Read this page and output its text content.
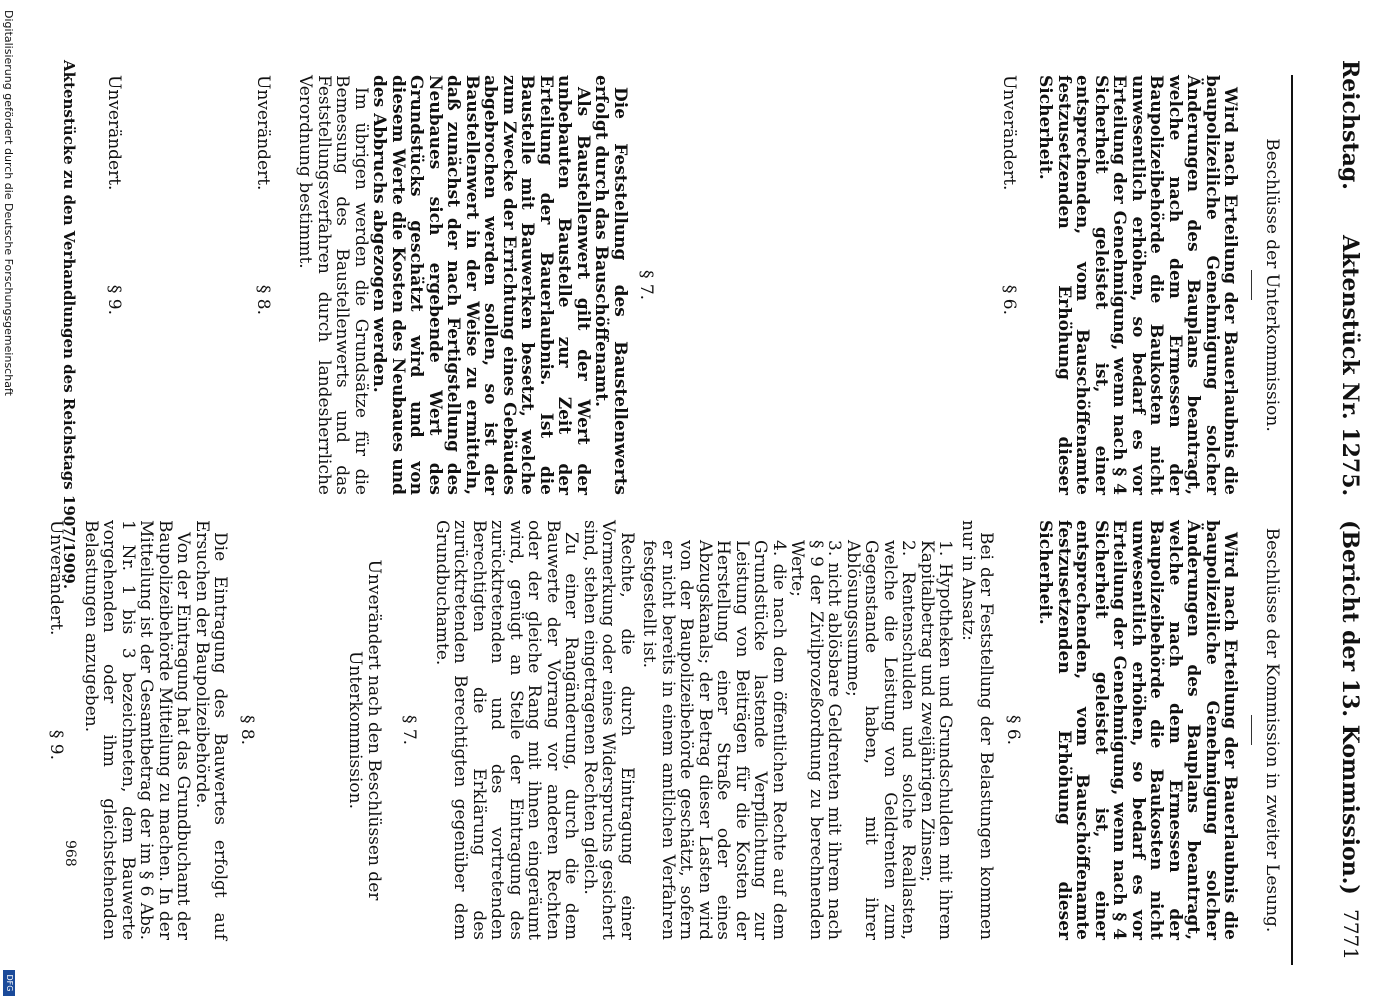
Reichstag.
Aktenstück Nr. 1275.
(Bericht der 13. Kommission.)
7771
Beschlüsse der Unterkommission.

Wird nach Erteilung der Bauerlaubnis die baupolizeiliche Genehmigung solcher Änderungen des Bauplans beantragt, welche nach dem Ermessen der Baupolizeibehörde die Baukosten nicht unwesentlich erhöhen, so bedarf es vor Erteilung der Genehmigung, wenn nach § 4 Sicherheit geleistet ist, einer entsprechenden, vom Bauschöffenamte festzusetzenden Erhöhung dieser Sicherheit.

Unverändert.
§ 6.
§ 7.

Die Feststellung des Baustellenwerts erfolgt durch das Bauschöffenamt.

Als Baustellenwert gilt der Wert der unbebauten Baustelle zur Zeit der Erteilung der Bauerlaubnis. Ist die Baustelle mit Bauwerken besetzt, welche zum Zwecke der Errichtung eines Gebäudes abgebrochen werden sollen, so ist der Baustellenwert in der Weise zu ermitteln, daß zunächst der nach Fertigstellung des Neubaues sich ergebende Wert des Grundstücks geschätzt wird und von diesem Werte die Kosten des Neubaues und des Abbruchs abgezogen werden.

Im übrigen werden die Grundsätze für die Bemessung des Baustellenwerts und das Feststellungsverfahren durch landesherrliche Verordnung bestimmt.

Unverändert.
§ 8.
Unverändert.
§ 9.
Beschlüsse der Kommission in zweiter Lesung.

Wird nach Erteilung der Bauerlaubnis die baupolizeiliche Genehmigung solcher Änderungen des Bauplans beantragt, welche nach dem Ermessen der Baupolizeibehörde die Baukosten nicht unwesentlich erhöhen, so bedarf es vor Erteilung der Genehmigung, wenn nach § 4 Sicherheit geleistet ist, einer entsprechenden, vom Bauschöffenamte festzusetzenden Erhöhung dieser Sicherheit.

§ 6.

Bei der Feststellung der Belastungen kommen nur in Ansatz:

1. Hypotheken und Grundschulden mit ihrem Kapitalbetrag und zweijährigen Zinsen;
2. Rentenschulden und solche Reallasten, welche die Leistung von Geldrenten zum Gegenstande haben, mit ihrer Ablösungssumme;
3. nicht ablösbare Geldrenten mit ihrem nach § 9 der Zivilprozeßordnung zu berechnenden Werte;
4. die nach dem öffentlichen Rechte auf dem Grundstücke lastende Verpflichtung zur Leistung von Beiträgen für die Kosten der Herstellung einer Straße oder eines Abzugskanals; der Betrag dieser Lasten wird von der Baupolizeibehörde geschätzt, sofern er nicht bereits in einem amtlichen Verfahren festgestellt ist.

Rechte, die durch Eintragung einer Vormerkung oder eines Widerspruchs gesichert sind, stehen eingetragenen Rechten gleich.

Zu einer Rangänderung, durch die dem Bauwerte der Vorrang vor anderen Rechten oder der gleiche Rang mit ihnen eingeräumt wird, genügt an Stelle der Eintragung des zurücktretenden und des vortretenden Berechtigten die Erklärung des zurücktretenden Berechtigten gegenüber dem Grundbuchamte.

§ 7.

Unverändert nach den Beschlüssen der Unterkommission.

§ 8.

Die Eintragung des Bauwertes erfolgt auf Ersuchen der Baupolizeibehörde.

Von der Eintragung hat das Grundbuchamt der Baupolizeibehörde Mitteilung zu machen. In der Mitteilung ist der Gesamtbetrag der im § 6 Abs. 1 Nr. 1 bis 3 bezeichneten, dem Bauwerte vorgehenden oder ihm gleichstehenden Belastungen anzugeben.

Unverändert.
§ 9.
Aktenstücke zu den Verhandlungen des Reichstags 1907/1909.
968
Digitalisierung gefördert durch die Deutsche Forschungsgemeinschaft
DFG
